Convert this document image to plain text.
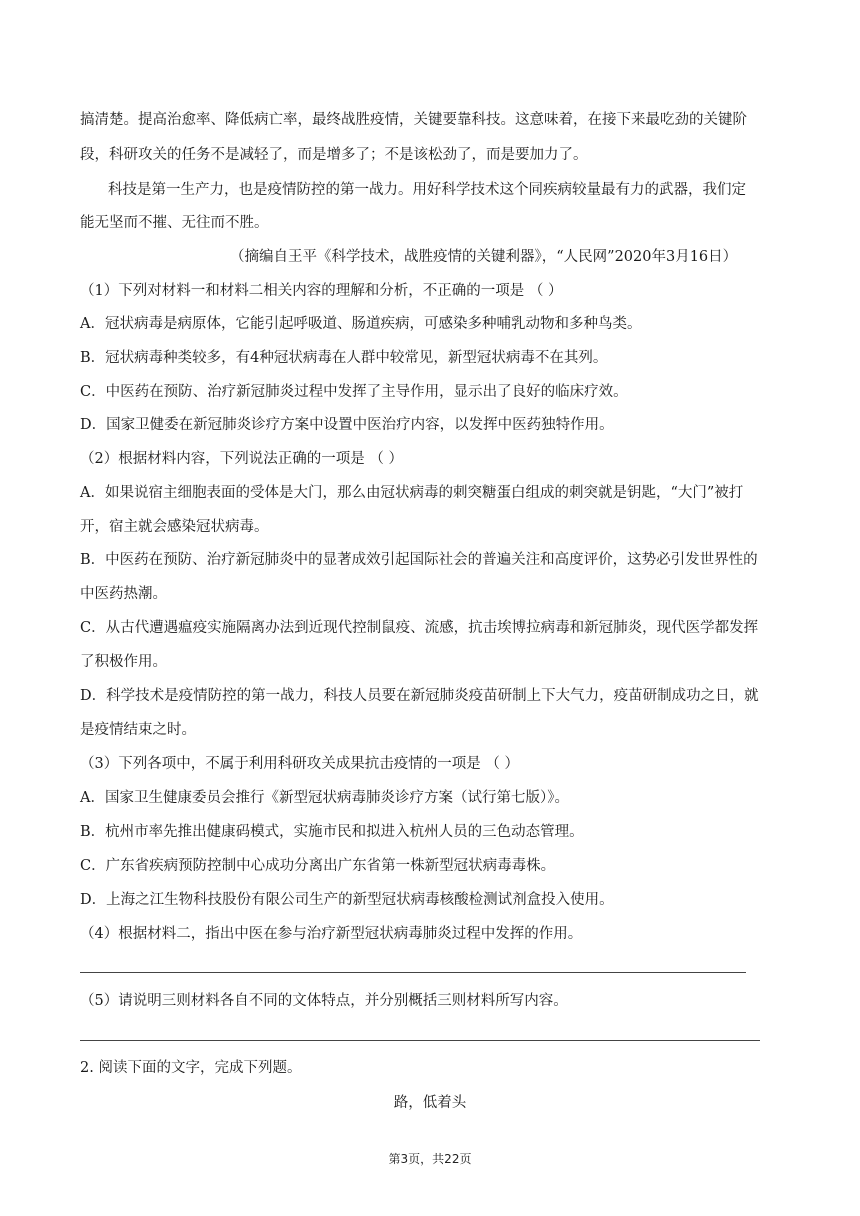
搞清楚。提高治愈率、降低病亡率，最终战胜疫情，关键要靠科技。这意味着，在接下来最吃劲的关键阶
段，科研攻关的任务不是减轻了，而是增多了；不是该松劲了，而是要加力了。
科技是第一生产力，也是疫情防控的第一战力。用好科学技术这个同疾病较量最有力的武器，我们定
能无坚而不摧、无往而不胜。
（摘编自王平《科学技术，战胜疫情的关键利器》，“人民网”2020年3月16日）
（1）下列对材料一和材料二相关内容的理解和分析，不正确的一项是 （ ）
A．冠状病毒是病原体，它能引起呼吸道、肠道疾病，可感染多种哺乳动物和多种鸟类。
B．冠状病毒种类较多，有4种冠状病毒在人群中较常见，新型冠状病毒不在其列。
C．中医药在预防、治疗新冠肺炎过程中发挥了主导作用，显示出了良好的临床疗效。
D．国家卫健委在新冠肺炎诊疗方案中设置中医治疗内容，以发挥中医药独特作用。
（2）根据材料内容，下列说法正确的一项是 （ ）
A．如果说宿主细胞表面的受体是大门，那么由冠状病毒的刺突糖蛋白组成的刺突就是钥匙，“大门”被打
开，宿主就会感染冠状病毒。
B．中医药在预防、治疗新冠肺炎中的显著成效引起国际社会的普遍关注和高度评价，这势必引发世界性的
中医药热潮。
C．从古代遭遇瘟疫实施隔离办法到近现代控制鼠疫、流感，抗击埃博拉病毒和新冠肺炎，现代医学都发挥
了积极作用。
D．科学技术是疫情防控的第一战力，科技人员要在新冠肺炎疫苗研制上下大气力，疫苗研制成功之日，就
是疫情结束之时。
（3）下列各项中，不属于利用科研攻关成果抗击疫情的一项是 （ ）
A．国家卫生健康委员会推行《新型冠状病毒肺炎诊疗方案（试行第七版）》。
B．杭州市率先推出健康码模式，实施市民和拟进入杭州人员的三色动态管理。
C．广东省疾病预防控制中心成功分离出广东省第一株新型冠状病毒毒株。
D．上海之江生物科技股份有限公司生产的新型冠状病毒核酸检测试剂盒投入使用。
（4）根据材料二，指出中医在参与治疗新型冠状病毒肺炎过程中发挥的作用。
（5）请说明三则材料各自不同的文体特点，并分别概括三则材料所写内容。
2. 阅读下面的文字，完成下列题。
路，低着头
第3页，共22页
